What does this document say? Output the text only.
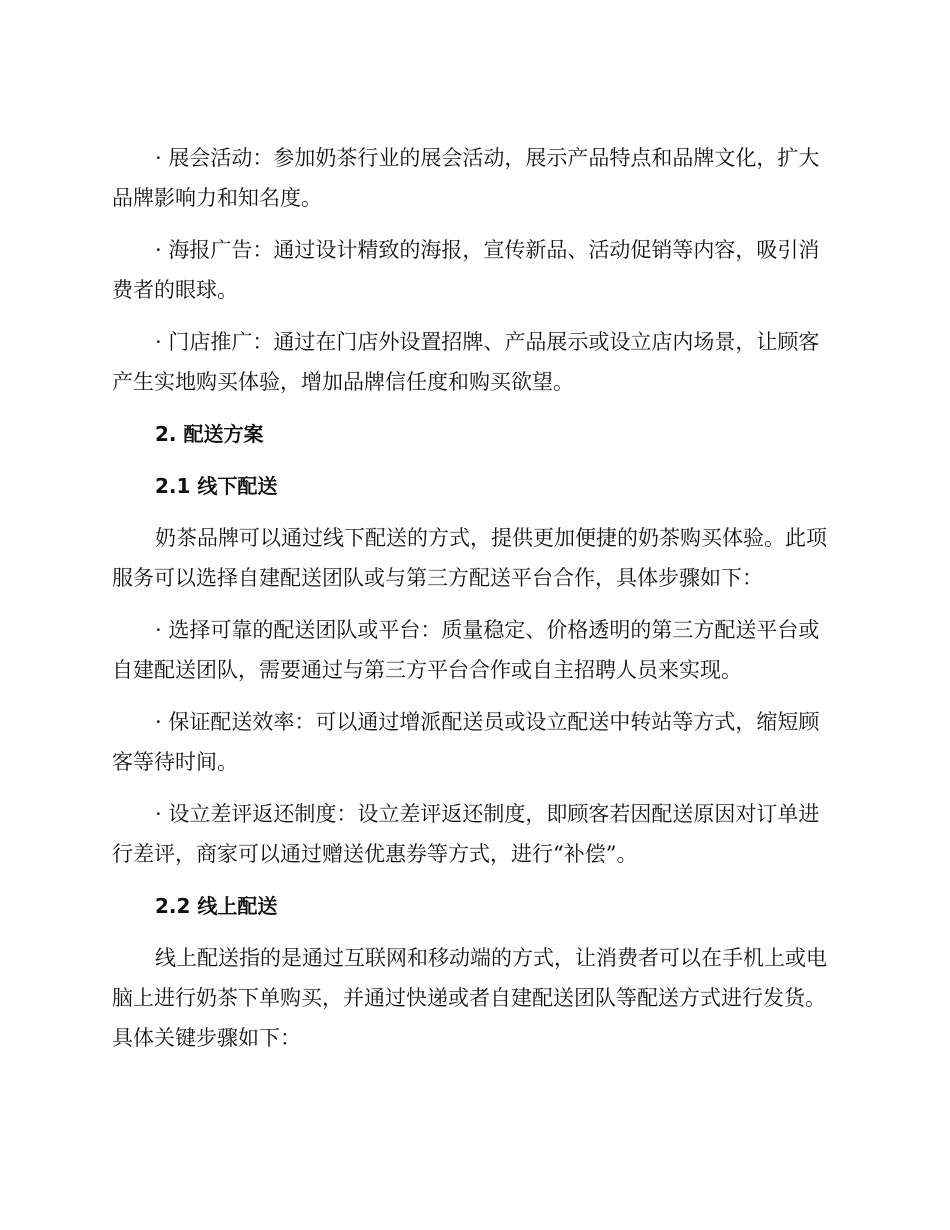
· 展会活动：参加奶茶行业的展会活动，展示产品特点和品牌文化，扩大品牌影响力和知名度。

· 海报广告：通过设计精致的海报，宣传新品、活动促销等内容，吸引消费者的眼球。

· 门店推广：通过在门店外设置招牌、产品展示或设立店内场景，让顾客产生实地购买体验，增加品牌信任度和购买欲望。

2. 配送方案
2.1 线下配送

奶茶品牌可以通过线下配送的方式，提供更加便捷的奶茶购买体验。此项服务可以选择自建配送团队或与第三方配送平台合作，具体步骤如下：

· 选择可靠的配送团队或平台：质量稳定、价格透明的第三方配送平台或自建配送团队，需要通过与第三方平台合作或自主招聘人员来实现。

· 保证配送效率：可以通过增派配送员或设立配送中转站等方式，缩短顾客等待时间。

· 设立差评返还制度：设立差评返还制度，即顾客若因配送原因对订单进行差评，商家可以通过赠送优惠券等方式，进行“补偿”。

2.2 线上配送

线上配送指的是通过互联网和移动端的方式，让消费者可以在手机上或电脑上进行奶茶下单购买，并通过快递或者自建配送团队等配送方式进行发货。具体关键步骤如下：
